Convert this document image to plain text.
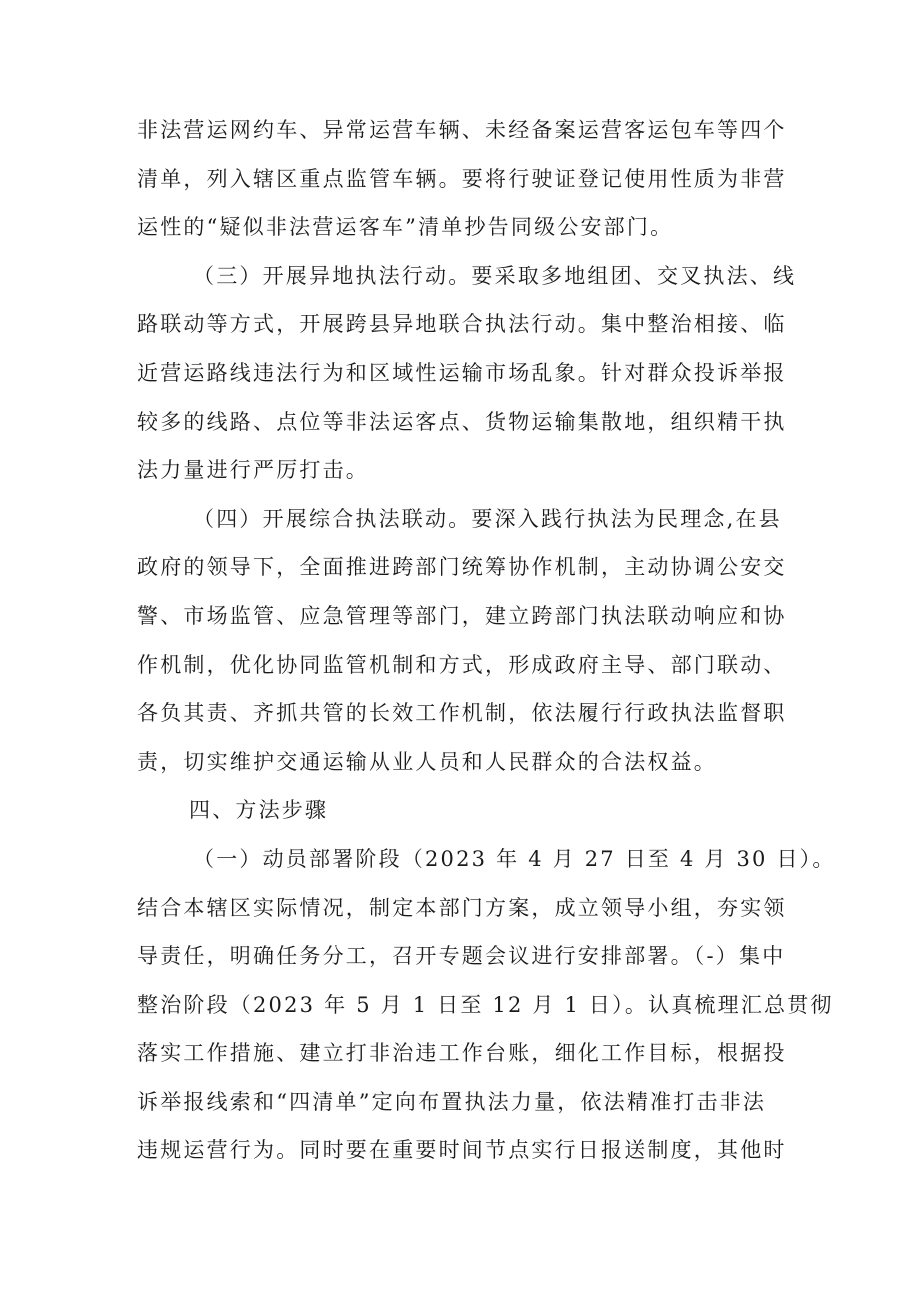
非法营运网约车、异常运营车辆、未经备案运营客运包车等四个
清单，列入辖区重点监管车辆。要将行驶证登记使用性质为非营
运性的“疑似非法营运客车”清单抄告同级公安部门。
（三）开展异地执法行动。要采取多地组团、交叉执法、线
路联动等方式，开展跨县异地联合执法行动。集中整治相接、临
近营运路线违法行为和区域性运输市场乱象。针对群众投诉举报
较多的线路、点位等非法运客点、货物运输集散地，组织精干执
法力量进行严厉打击。
（四）开展综合执法联动。要深入践行执法为民理念,在县
政府的领导下，全面推进跨部门统筹协作机制，主动协调公安交
警、市场监管、应急管理等部门，建立跨部门执法联动响应和协
作机制，优化协同监管机制和方式，形成政府主导、部门联动、
各负其责、齐抓共管的长效工作机制，依法履行行政执法监督职
责，切实维护交通运输从业人员和人民群众的合法权益。
四、方法步骤
（一）动员部署阶段（2023 年 4 月 27 日至 4 月 30 日）。
结合本辖区实际情况，制定本部门方案，成立领导小组，夯实领
导责任，明确任务分工，召开专题会议进行安排部署。（-）集中
整治阶段（2023 年 5 月 1 日至 12 月 1 日）。认真梳理汇总贯彻
落实工作措施、建立打非治违工作台账，细化工作目标，根据投
诉举报线索和“四清单”定向布置执法力量，依法精准打击非法
违规运营行为。同时要在重要时间节点实行日报送制度，其他时
